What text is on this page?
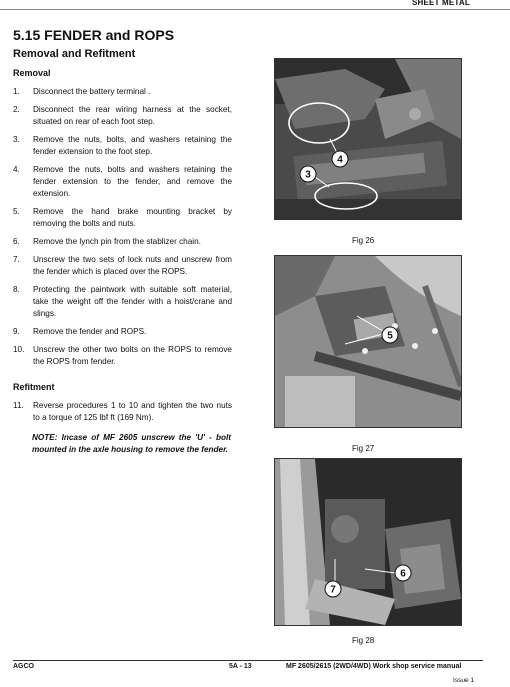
SHEET METAL
5.15 FENDER and ROPS
Removal and Refitment
Removal
1. Disconnect the battery terminal .
2. Disconnect the rear wiring harness at the socket, situated on rear of each foot step.
3. Remove the nuts, bolts, and washers retaining the fender extension to the foot step.
4. Remove the nuts, bolts and washers retaining the fender extension to the fender, and remove the extension.
5. Remove the hand brake mounting bracket by removing the bolts and nuts.
6. Remove the lynch pin from the stablizer chain.
7. Unscrew the two sets of lock nuts and unscrew from the fender which is placed over the ROPS.
8. Protecting the paintwork with suitable soft material, take the weight off the fender with a hoist/crane and slings.
9. Remove the fender and ROPS.
10. Unscrew the other two bolts on the ROPS to remove the ROPS from fender.
Refitment
11. Reverse procedures 1 to 10 and tighten the two nuts to a torque of 125 lbf ft (169 Nm).
NOTE: Incase of MF 2605 unscrew the 'U' - bolt mounted in the axle housing to remove the fender.
4
3
Fig 26
5
Fig 27
7
6
Fig 28
AGCO	5A - 13	MF 2605/2615 (2WD/4WD) Work shop service manual
Issue 1
